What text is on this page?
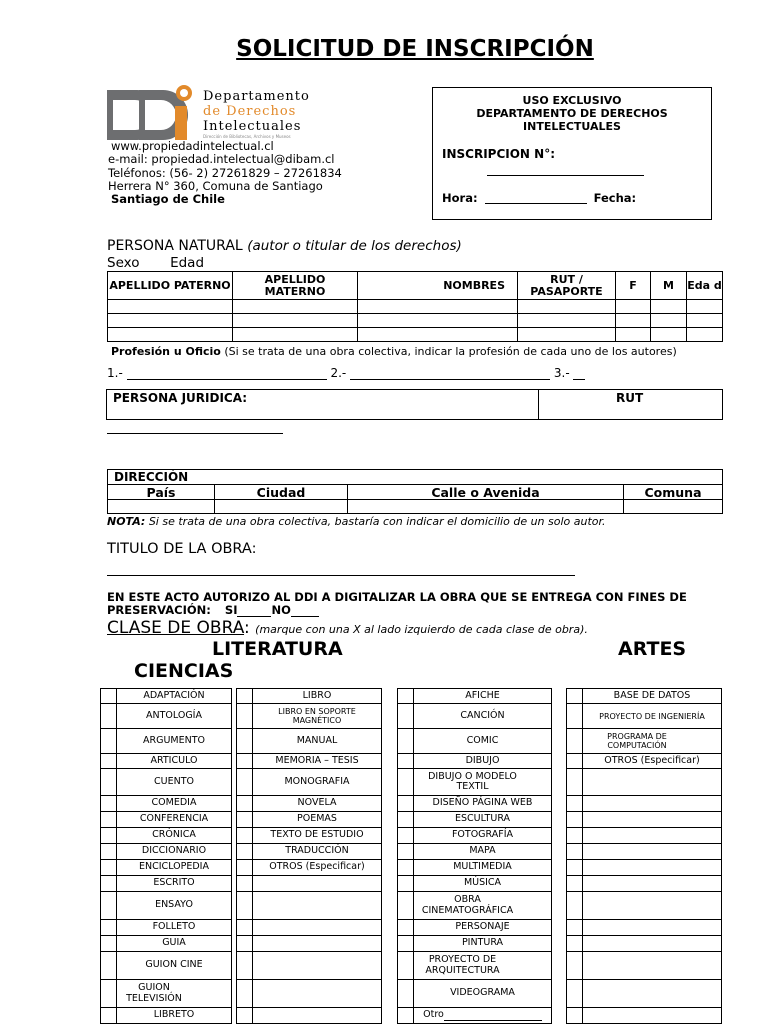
SOLICITUD DE INSCRIPCIÓN
Departamento
de Derechos
Intelectuales
Dirección de Bibliotecas, Archivos y Museos
www.propiedadintelectual.cl
e-mail: propiedad.intelectual@dibam.cl
Teléfonos: (56- 2) 27261829 – 27261834
Herrera N° 360, Comuna de Santiago
Santiago de Chile
USO EXCLUSIVO
DEPARTAMENTO DE DERECHOS
INTELECTUALES
INSCRIPCION N°:
Hora:	Fecha:
PERSONA NATURAL (autor o titular de los derechos)
Sexo Edad
APELLIDO PATERNO	APELLIDO MATERNO	NOMBRES	RUT / PASAPORTE	F	M	Eda d

Profesión u Oficio (Si se trata de una obra colectiva, indicar la profesión de cada uno de los autores)
1.-	2.-	3.-
PERSONA JURIDICA:	RUT
DIRECCIÓN			
País	Ciudad	Calle o Avenida	Comuna

NOTA: Si se trata de una obra colectiva, bastaría con indicar el domicilio de un solo autor.
TITULO DE LA OBRA:
EN ESTE ACTO AUTORIZO AL DDI A DIGITALIZAR LA OBRA QUE SE ENTREGA CON FINES DE
PRESERVACIÓN: SI	NO
CLASE DE OBRA: (marque con una X al lado izquierdo de cada clase de obra).
LITERATURA	ARTES
CIENCIAS
	ADAPTACIÓN
	ANTOLOGÍA
	ARGUMENTO
	ARTICULO
	CUENTO
	COMEDIA
	CONFERENCIA
	CRÓNICA
	DICCIONARIO
	ENCICLOPEDIA
	ESCRITO
	ENSAYO
	FOLLETO
	GUIA
	GUION CINE
	GUION TELEVISIÓN
	LIBRETO
	LIBRO
	LIBRO EN SOPORTE MAGNÉTICO
	MANUAL
	MEMORIA – TESIS
	MONOGRAFIA
	NOVELA
	POEMAS
	TEXTO DE ESTUDIO
	TRADUCCIÓN
	OTROS (Especificar)

	AFICHE
	CANCIÓN
	COMIC
	DIBUJO
	DIBUJO O MODELO TEXTIL
	DISEÑO PÁGINA WEB
	ESCULTURA
	FOTOGRAFÍA
	MAPA
	MULTIMEDIA
	MÚSICA
	OBRA CINEMATOGRÁFICA
	PERSONAJE
	PINTURA
	PROYECTO DE ARQUITECTURA
	VIDEOGRAMA
	Otro
	BASE DE DATOS
	PROYECTO DE INGENIERÍA
	PROGRAMA DE COMPUTACIÓN
	OTROS (Especificar)
